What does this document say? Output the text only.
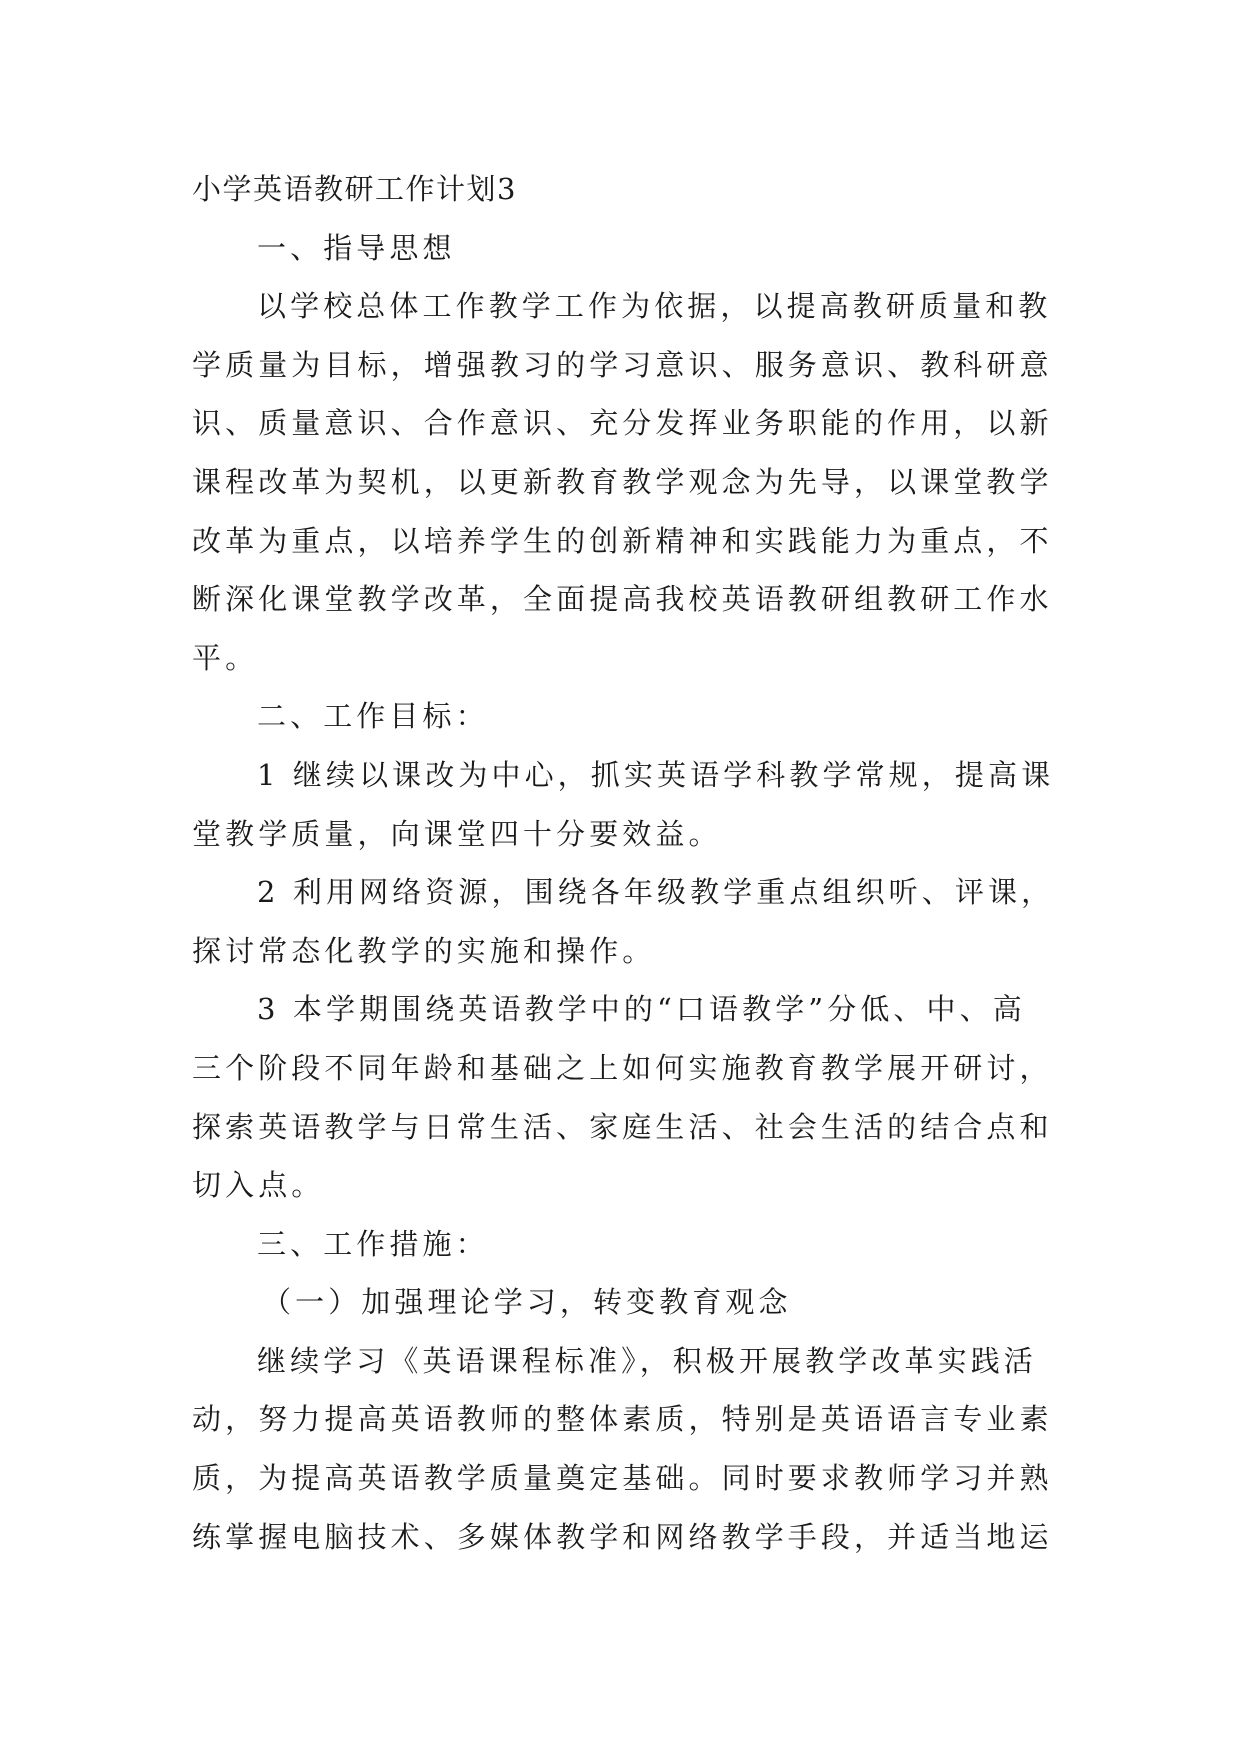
小学英语教研工作计划3
一、指导思想
以学校总体工作教学工作为依据，以提高教研质量和教
学质量为目标，增强教习的学习意识、服务意识、教科研意
识、质量意识、合作意识、充分发挥业务职能的作用，以新
课程改革为契机，以更新教育教学观念为先导，以课堂教学
改革为重点，以培养学生的创新精神和实践能力为重点，不
断深化课堂教学改革，全面提高我校英语教研组教研工作水
平。
二、工作目标：
1 继续以课改为中心，抓实英语学科教学常规，提高课
堂教学质量，向课堂四十分要效益。
2 利用网络资源，围绕各年级教学重点组织听、评课，
探讨常态化教学的实施和操作。
3 本学期围绕英语教学中的“口语教学”分低、中、高
三个阶段不同年龄和基础之上如何实施教育教学展开研讨，
探索英语教学与日常生活、家庭生活、社会生活的结合点和
切入点。
三、工作措施：
（一）加强理论学习，转变教育观念
继续学习《英语课程标准》，积极开展教学改革实践活
动，努力提高英语教师的整体素质，特别是英语语言专业素
质，为提高英语教学质量奠定基础。同时要求教师学习并熟
练掌握电脑技术、多媒体教学和网络教学手段，并适当地运
